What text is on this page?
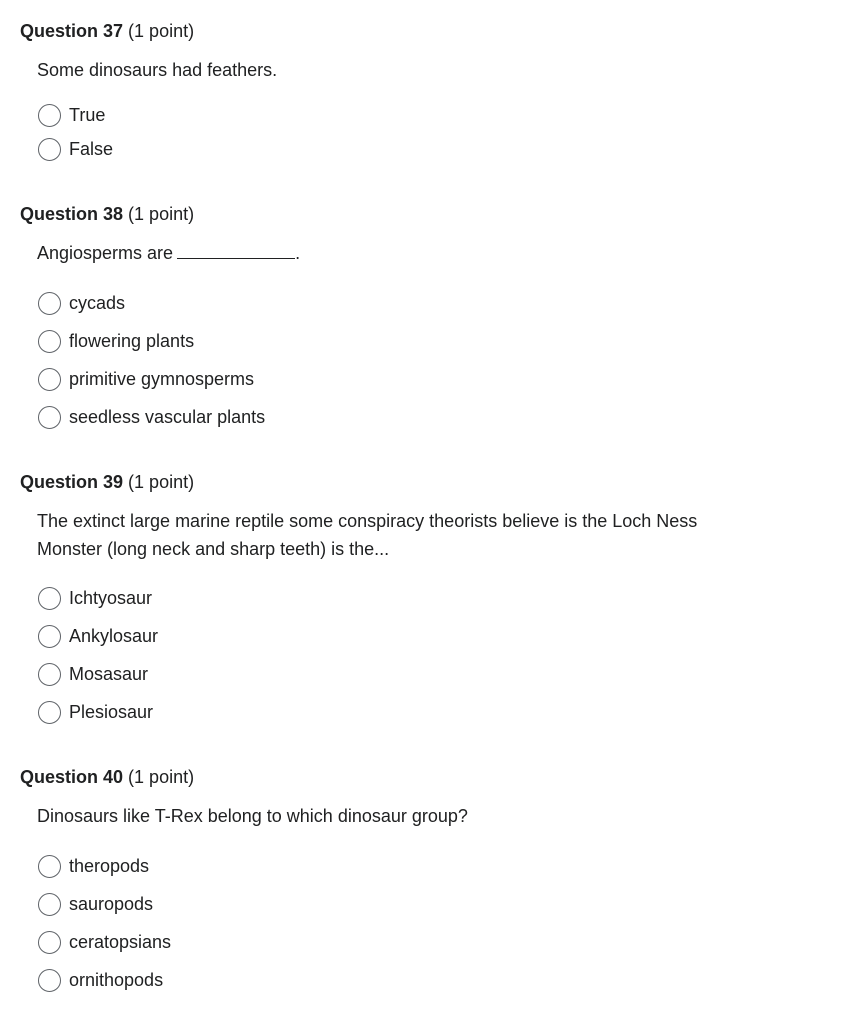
Question 37 (1 point)
Some dinosaurs had feathers.
True
False
Question 38 (1 point)
Angiosperms are	.
cycads
flowering plants
primitive gymnosperms
seedless vascular plants
Question 39 (1 point)
The extinct large marine reptile some conspiracy theorists believe is the Loch Ness
Monster (long neck and sharp teeth) is the...
Ichtyosaur
Ankylosaur
Mosasaur
Plesiosaur
Question 40 (1 point)
Dinosaurs like T-Rex belong to which dinosaur group?
theropods
sauropods
ceratopsians
ornithopods
